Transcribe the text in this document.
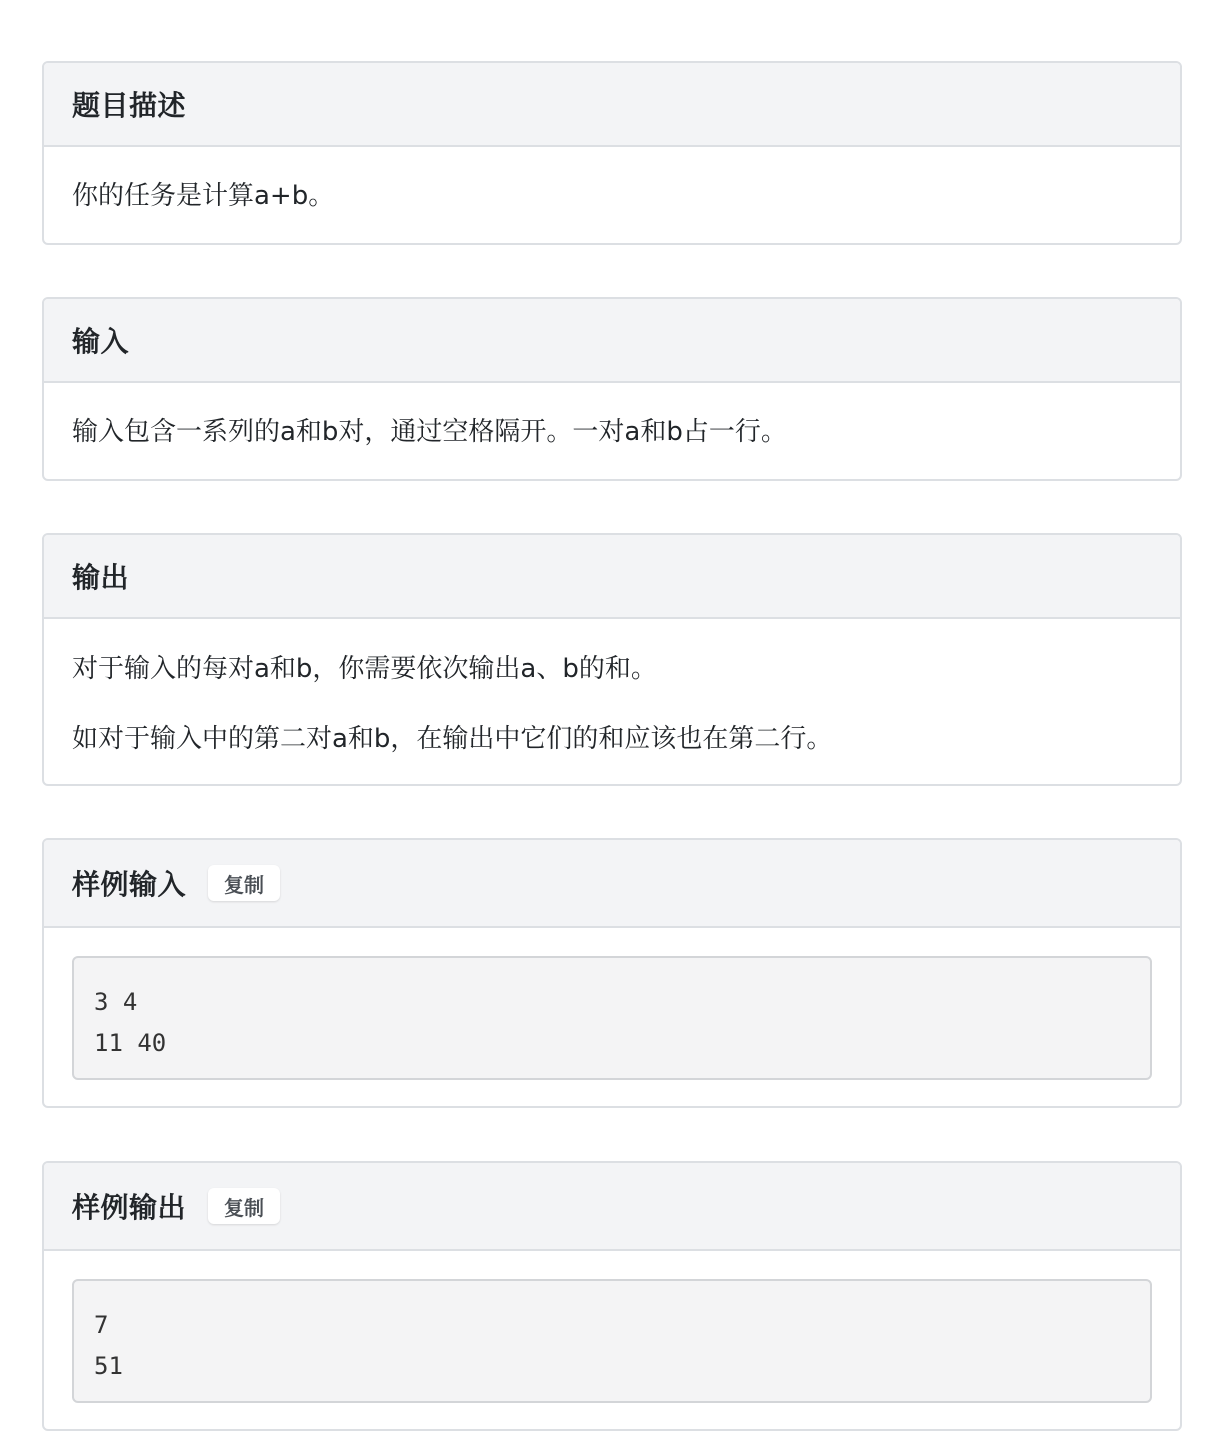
题目描述

你的任务是计算a+b。

输入

输入包含一系列的a和b对，通过空格隔开。一对a和b占一行。

输出

对于输入的每对a和b，你需要依次输出a、b的和。

如对于输入中的第二对a和b，在输出中它们的和应该也在第二行。

样例输入	复制
3 4
11 40
样例输出	复制
7
51
